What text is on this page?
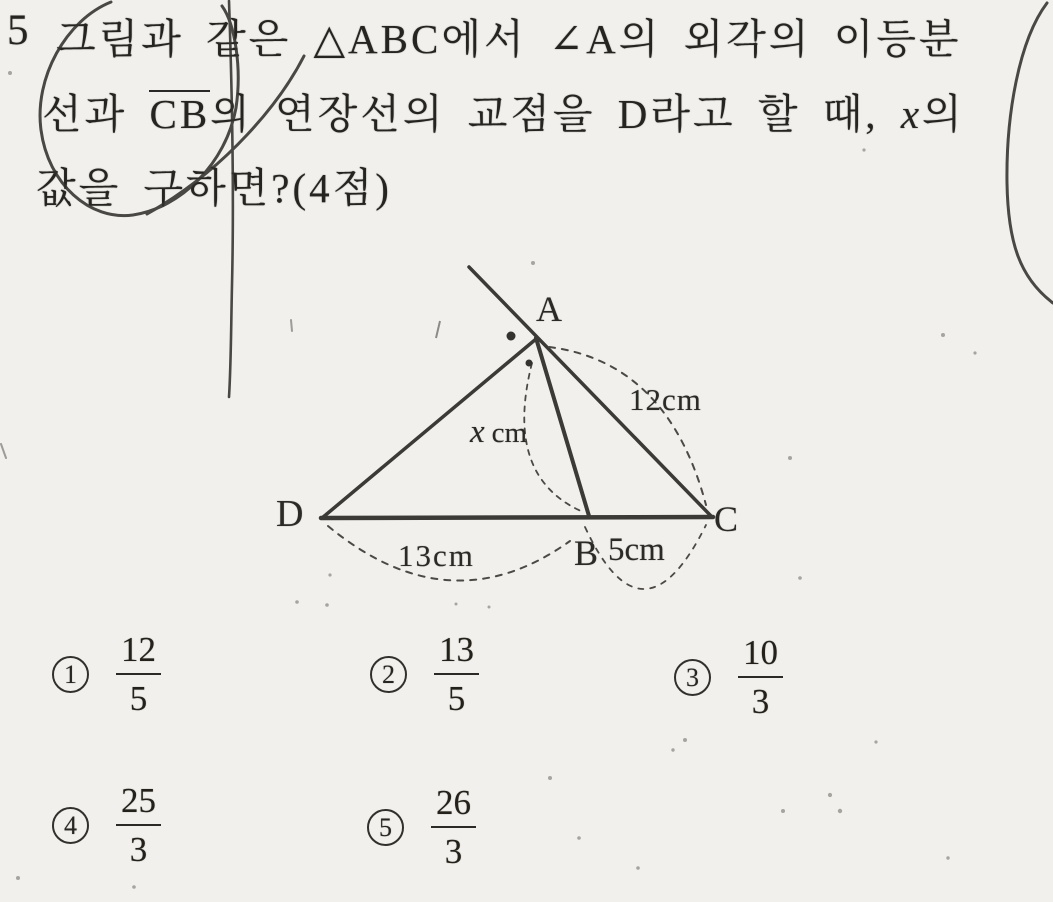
5 그림과 같은 △ABC에서 ∠A의 외각의 이등분
선과 CB의 연장선의 교점을 D라고 할 때, x의
값을 구하면?(4점)
A
D	C
B
12cm
x cm
13cm	5cm
$1 \frac{12}{5}$	$2 \frac{13}{5}$	$3 \frac{10}{3}$
$4 \frac{25}{3}$	$5 \frac{26}{3}$
